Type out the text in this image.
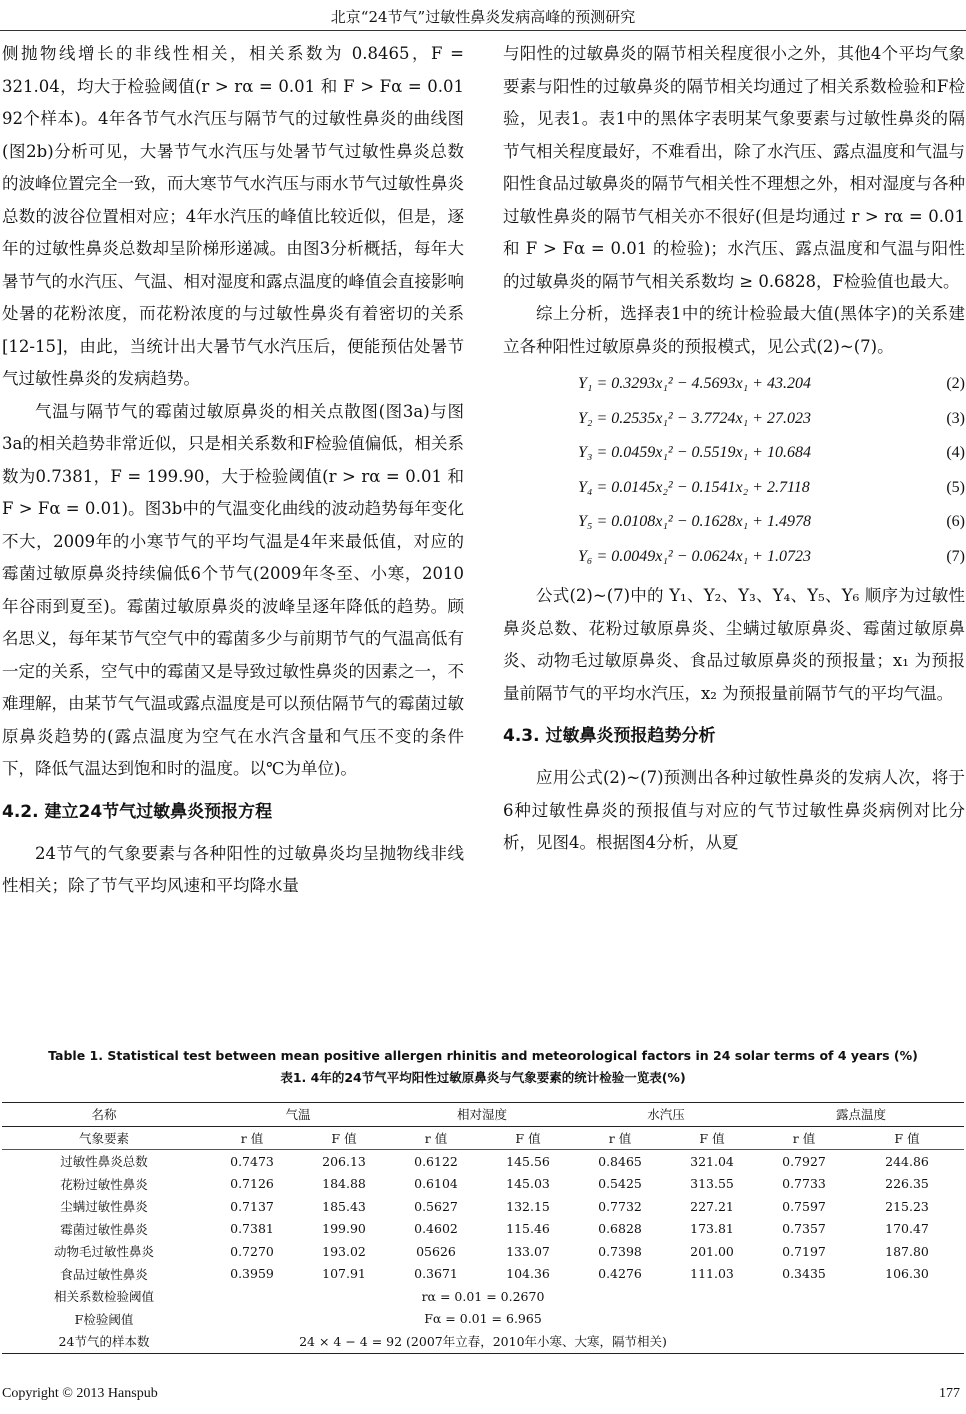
北京“24节气”过敏性鼻炎发病高峰的预测研究

侧抛物线增长的非线性相关，相关系数为 0.8465，F = 321.04，均大于检验阈值(r > rα = 0.01 和 F > Fα = 0.01 92个样本)。4年各节气水汽压与隔节气的过敏性鼻炎的曲线图(图2b)分析可见，大暑节气水汽压与处暑节气过敏性鼻炎总数的波峰位置完全一致，而大寒节气水汽压与雨水节气过敏性鼻炎总数的波谷位置相对应；4年水汽压的峰值比较近似，但是，逐年的过敏性鼻炎总数却呈阶梯形递减。由图3分析概括，每年大暑节气的水汽压、气温、相对湿度和露点温度的峰值会直接影响处暑的花粉浓度，而花粉浓度的与过敏性鼻炎有着密切的关系[12-15]，由此，当统计出大暑节气水汽压后，便能预估处暑节气过敏性鼻炎的发病趋势。

气温与隔节气的霉菌过敏原鼻炎的相关点散图(图3a)与图3a的相关趋势非常近似，只是相关系数和F检验值偏低，相关系数为0.7381，F = 199.90，大于检验阈值(r > rα = 0.01 和 F > Fα = 0.01)。图3b中的气温变化曲线的波动趋势每年变化不大，2009年的小寒节气的平均气温是4年来最低值，对应的霉菌过敏原鼻炎持续偏低6个节气(2009年冬至、小寒，2010年谷雨到夏至)。霉菌过敏原鼻炎的波峰呈逐年降低的趋势。顾名思义，每年某节气空气中的霉菌多少与前期节气的气温高低有一定的关系，空气中的霉菌又是导致过敏性鼻炎的因素之一，不难理解，由某节气气温或露点温度是可以预估隔节气的霉菌过敏原鼻炎趋势的(露点温度为空气在水汽含量和气压不变的条件下，降低气温达到饱和时的温度。以℃为单位)。

4.2. 建立24节气过敏鼻炎预报方程

24节气的气象要素与各种阳性的过敏鼻炎均呈抛物线非线性相关；除了节气平均风速和平均降水量

与阳性的过敏鼻炎的隔节相关程度很小之外，其他4个平均气象要素与阳性的过敏鼻炎的隔节相关均通过了相关系数检验和F检验，见表1。表1中的黑体字表明某气象要素与过敏性鼻炎的隔节气相关程度最好，不难看出，除了水汽压、露点温度和气温与阳性食品过敏鼻炎的隔节气相关性不理想之外，相对湿度与各种过敏性鼻炎的隔节气相关亦不很好(但是均通过 r > rα = 0.01 和 F > Fα = 0.01 的检验)；水汽压、露点温度和气温与阳性的过敏鼻炎的隔节气相关系数均 ≥ 0.6828，F检验值也最大。

综上分析，选择表1中的统计检验最大值(黑体字)的关系建立各种阳性过敏原鼻炎的预报模式，见公式(2)~(7)。

Y₁ = 0.3293x₁² − 4.5693x₁ + 43.204	(2)
Y₂ = 0.2535x₁² − 3.7724x₁ + 27.023	(3)
Y₃ = 0.0459x₁² − 0.5519x₁ + 10.684	(4)
Y₄ = 0.0145x₂² − 0.1541x₂ + 2.7118	(5)
Y₅ = 0.0108x₁² − 0.1628x₁ + 1.4978	(6)
Y₆ = 0.0049x₁² − 0.0624x₁ + 1.0723	(7)

公式(2)~(7)中的 Y₁、Y₂、Y₃、Y₄、Y₅、Y₆ 顺序为过敏性鼻炎总数、花粉过敏原鼻炎、尘螨过敏原鼻炎、霉菌过敏原鼻炎、动物毛过敏原鼻炎、食品过敏原鼻炎的预报量；x₁ 为预报量前隔节气的平均水汽压，x₂ 为预报量前隔节气的平均气温。

4.3. 过敏鼻炎预报趋势分析

应用公式(2)~(7)预测出各种过敏性鼻炎的发病人次，将于6种过敏性鼻炎的预报值与对应的气节过敏性鼻炎病例对比分析，见图4。根据图4分析，从夏

Table 1. Statistical test between mean positive allergen rhinitis and meteorological factors in 24 solar terms of 4 years (%)
表1. 4年的24节气平均阳性过敏原鼻炎与气象要素的统计检验一览表(%)
名称	气温		相对湿度		水汽压		露点温度	
气象要素	r 值	F 值	r 值	F 值	r 值	F 值	r 值	F 值
过敏性鼻炎总数	0.7473	206.13	0.6122	145.56	0.8465	321.04	0.7927	244.86
花粉过敏性鼻炎	0.7126	184.88	0.6104	145.03	0.5425	313.55	0.7733	226.35
尘螨过敏性鼻炎	0.7137	185.43	0.5627	132.15	0.7732	227.21	0.7597	215.23
霉菌过敏性鼻炎	0.7381	199.90	0.4602	115.46	0.6828	173.81	0.7357	170.47
动物毛过敏性鼻炎	0.7270	193.02	05626	133.07	0.7398	201.00	0.7197	187.80
食品过敏性鼻炎	0.3959	107.91	0.3671	104.36	0.4276	111.03	0.3435	106.30
相关系数检验阈值	rα = 0.01 = 0.2670							
F检验阈值	Fα = 0.01 = 6.965							
24节气的样本数	24 × 4 − 4 = 92 (2007年立春，2010年小寒、大寒，隔节相关)							
Copyright © 2013 Hanspub	177
